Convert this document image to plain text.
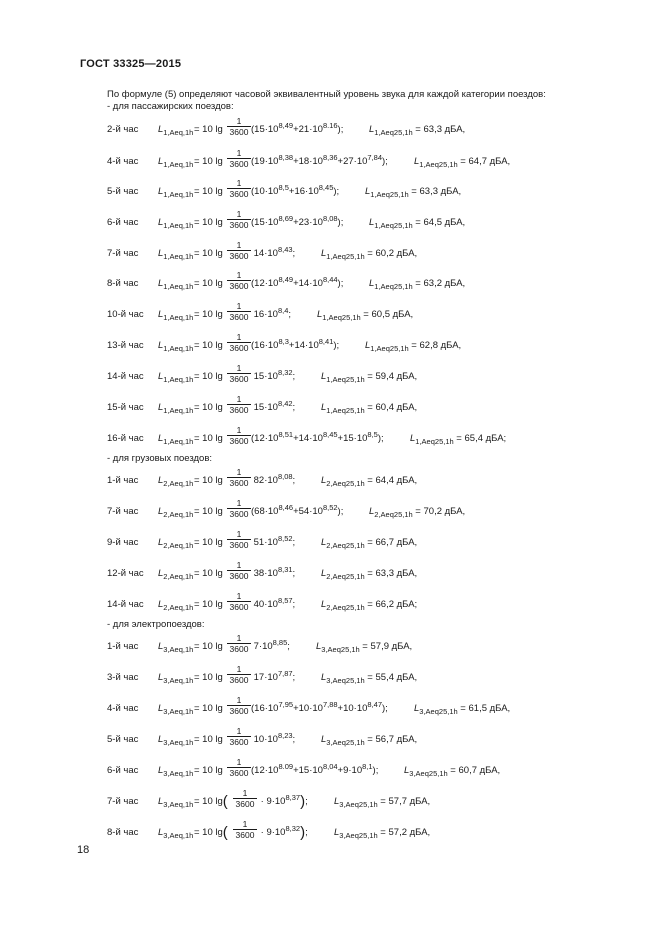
ГОСТ 33325—2015
По формуле (5) определяют часовой эквивалентный уровень звука для каждой категории поездов:
- для пассажирских поездов:
- для грузовых поездов:
- для электропоездов:
2-й час $L_{1,Aeq,1h} = 10$ $\lg \frac{1}{3600} (15\cdot 10^{8,49}+21\cdot 10^{8.16})$;	$L_{1,Aeq25,1h} = 63,3$ дБА,
4-й час $L_{1,Aeq,1h} = 10$ $\lg \frac{1}{3600} (19\cdot 10^{8,38}+18\cdot 10^{8,36}+27\cdot 10^{7,84})$;	$L_{1,Aeq25,1h} = 64,7$ дБА,
5-й час $L_{1,Aeq,1h} = 10$ $\lg \frac{1}{3600} (10\cdot 10^{8,5}+16\cdot 10^{8,45})$;	$L_{1,Aeq25,1h} = 63,3$ дБА,
6-й час $L_{1,Aeq,1h} = 10$ $\lg \frac{1}{3600} (15\cdot 10^{8,69}+23\cdot 10^{8,08})$;	$L_{1,Aeq25,1h} = 64,5$ дБА,
7-й час $L_{1,Aeq,1h} = 10$ $\lg \frac{1}{3600} 14\cdot 10^{8,43}$;	$L_{1,Aeq25,1h} = 60,2$ дБА,
8-й час $L_{1,Aeq,1h} = 10$ $\lg \frac{1}{3600} (12\cdot 10^{8,49}+14\cdot 10^{8,44})$;	$L_{1,Aeq25,1h} = 63,2$ дБА,
10-й час $L_{1,Aeq,1h} = 10$ $\lg \frac{1}{3600} 16\cdot 10^{8,4}$;	$L_{1,Aeq25,1h} = 60,5$ дБА,
13-й час $L_{1,Aeq,1h} = 10$ $\lg \frac{1}{3600} (16\cdot 10^{8,3}+14\cdot 10^{8,41})$;	$L_{1,Aeq25,1h} = 62,8$ дБА,
14-й час $L_{1,Aeq,1h} = 10$ $\lg \frac{1}{3600} 15\cdot 10^{8,32}$;	$L_{1,Aeq25,1h} = 59,4$ дБА,
15-й час $L_{1,Aeq,1h} = 10$ $\lg \frac{1}{3600} 15\cdot 10^{8,42}$;	$L_{1,Aeq25,1h} = 60,4$ дБА,
16-й час $L_{1,Aeq,1h} = 10$ $\lg \frac{1}{3600} (12\cdot 10^{8,51}+14\cdot 10^{8,45}+15\cdot 10^{8,5})$;	$L_{1,Aeq25,1h} = 65,4$ дБА;
1-й час $L_{2,Aeq,1h} = 10$ $\lg \frac{1}{3600} 82\cdot 10^{8,08}$;	$L_{2,Aeq25,1h} = 64,4$ дБА,
7-й час $L_{2,Aeq,1h} = 10$ $\lg \frac{1}{3600} (68\cdot 10^{8,46}+54\cdot 10^{8,52})$;	$L_{2,Aeq25,1h} = 70,2$ дБА,
9-й час $L_{2,Aeq,1h} = 10$ $\lg \frac{1}{3600} 51\cdot 10^{8,52}$;	$L_{2,Aeq25,1h} = 66,7$ дБА,
12-й час $L_{2,Aeq,1h} = 10$ $\lg \frac{1}{3600} 38\cdot 10^{8,31}$;	$L_{2,Aeq25,1h} = 63,3$ дБА,
14-й час $L_{2,Aeq,1h} = 10$ $\lg \frac{1}{3600} 40\cdot 10^{8,57}$;	$L_{2,Aeq25,1h} = 66,2$ дБА;
1-й час $L_{3,Aeq,1h} = 10$ $\lg \frac{1}{3600} 7\cdot 10^{8,85}$;	$L_{3,Aeq25,1h} = 57,9$ дБА,
3-й час $L_{3,Aeq,1h} = 10$ $\lg \frac{1}{3600} 17\cdot 10^{7,87}$;	$L_{3,Aeq25,1h} = 55,4$ дБА,
4-й час $L_{3,Aeq,1h} = 10$ $\lg \frac{1}{3600} (16\cdot 10^{7,95}+10\cdot 10^{7,88}+10\cdot 10^{8,47})$;	$L_{3,Aeq25,1h} = 61,5$ дБА,
5-й час $L_{3,Aeq,1h} = 10$ $\lg \frac{1}{3600} 10\cdot 10^{8,23}$;	$L_{3,Aeq25,1h} = 56,7$ дБА,
6-й час $L_{3,Aeq,1h} = 10$ $\lg \frac{1}{3600} (12\cdot 10^{8.09}+15\cdot 10^{8,04}+9\cdot 10^{8,1})$;	$L_{3,Aeq25,1h} = 60,7$ дБА,
7-й час $L_{3,Aeq,1h} = 10$ $\lg( \frac{1}{3600} \cdot 9\cdot 10^{8,37})$;	$L_{3,Aeq25,1h} = 57,7$ дБА,
8-й час $L_{3,Aeq,1h} = 10$ $\lg( \frac{1}{3600} \cdot 9\cdot 10^{8,32})$;	$L_{3,Aeq25,1h} = 57,2$ дБА,
18
